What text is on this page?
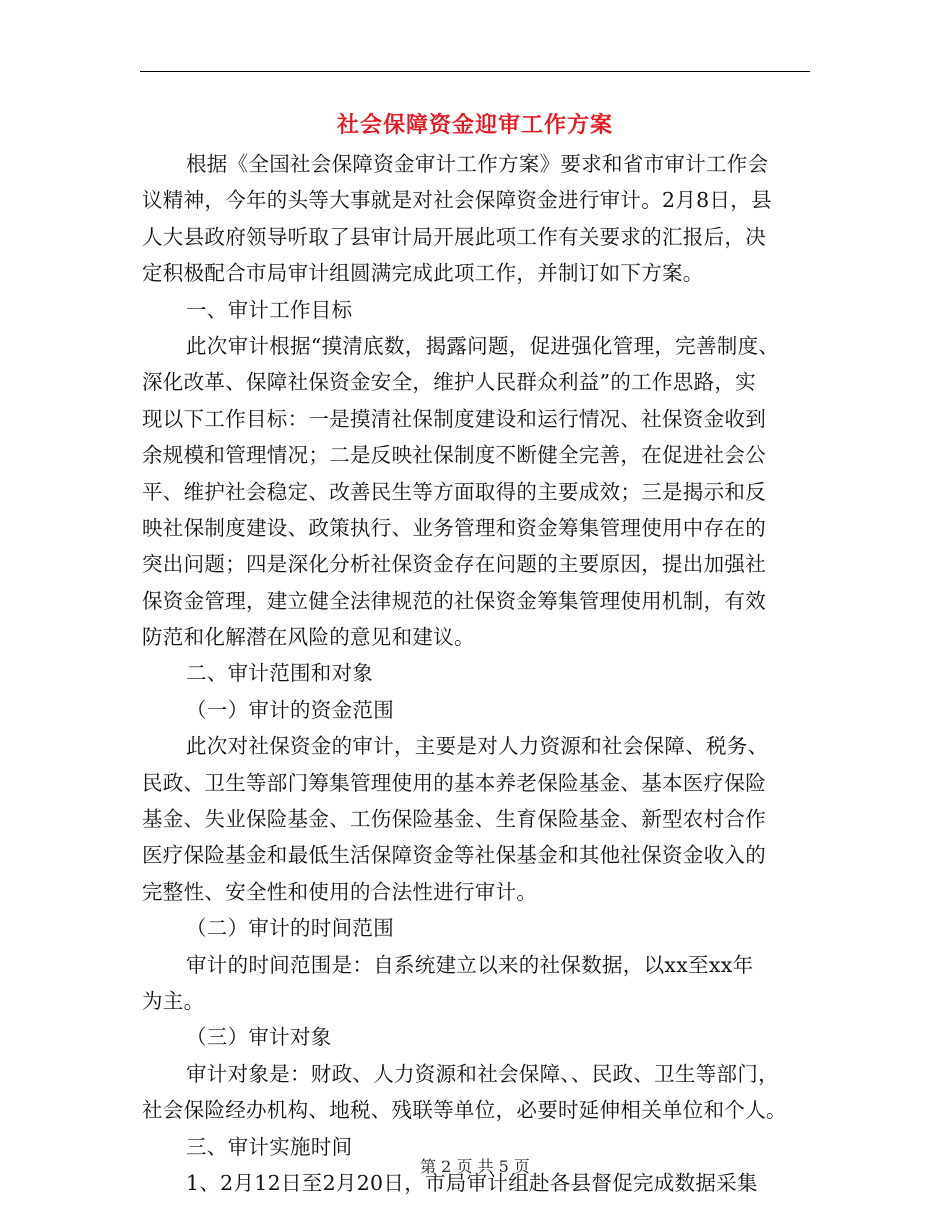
社会保障资金迎审工作方案
根据《全国社会保障资金审计工作方案》要求和省市审计工作会
议精神，今年的头等大事就是对社会保障资金进行审计。2月8日，县
人大县政府领导听取了县审计局开展此项工作有关要求的汇报后，决
定积极配合市局审计组圆满完成此项工作，并制订如下方案。
一、审计工作目标
此次审计根据“摸清底数，揭露问题，促进强化管理，完善制度、
深化改革、保障社保资金安全，维护人民群众利益”的工作思路，实
现以下工作目标：一是摸清社保制度建设和运行情况、社保资金收到
余规模和管理情况；二是反映社保制度不断健全完善，在促进社会公
平、维护社会稳定、改善民生等方面取得的主要成效；三是揭示和反
映社保制度建设、政策执行、业务管理和资金筹集管理使用中存在的
突出问题；四是深化分析社保资金存在问题的主要原因，提出加强社
保资金管理，建立健全法律规范的社保资金筹集管理使用机制，有效
防范和化解潜在风险的意见和建议。
二、审计范围和对象
（一）审计的资金范围
此次对社保资金的审计，主要是对人力资源和社会保障、税务、
民政、卫生等部门筹集管理使用的基本养老保险基金、基本医疗保险
基金、失业保险基金、工伤保险基金、生育保险基金、新型农村合作
医疗保险基金和最低生活保障资金等社保基金和其他社保资金收入的
完整性、安全性和使用的合法性进行审计。
（二）审计的时间范围
审计的时间范围是：自系统建立以来的社保数据，以xx至xx年
为主。
（三）审计对象
审计对象是：财政、人力资源和社会保障、、民政、卫生等部门，
社会保险经办机构、地税、残联等单位，必要时延伸相关单位和个人。
三、审计实施时间
1、2月12日至2月20日，市局审计组赴各县督促完成数据采集
第 2 页 共 5 页
